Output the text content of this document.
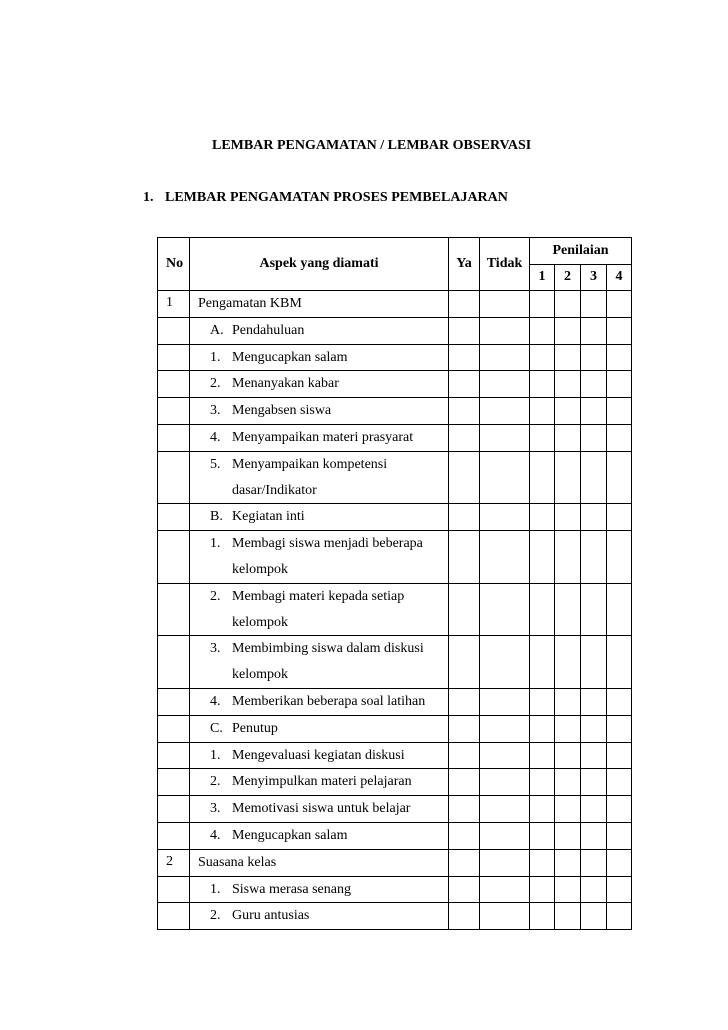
LEMBAR PENGAMATAN / LEMBAR OBSERVASI
1. LEMBAR PENGAMATAN PROSES PEMBELAJARAN
No	Aspek yang diamati	Ya	Tidak	Penilaian			
				1	2	3	4
1	Pengamatan KBM						
	A. Pendahuluan						
	1. Mengucapkan salam						
	2. Menanyakan kabar						
	3. Mengabsen siswa						
	4. Menyampaikan materi prasyarat						
	5. Menyampaikan kompetensi dasar/Indikator						
	B. Kegiatan inti						
	1. Membagi siswa menjadi beberapa kelompok						
	2. Membagi materi kepada setiap kelompok						
	3. Membimbing siswa dalam diskusi kelompok						
	4. Memberikan beberapa soal latihan						
	C. Penutup						
	1. Mengevaluasi kegiatan diskusi						
	2. Menyimpulkan materi pelajaran						
	3. Memotivasi siswa untuk belajar						
	4. Mengucapkan salam						
2	Suasana kelas						
	1. Siswa merasa senang						
	2. Guru antusias						
